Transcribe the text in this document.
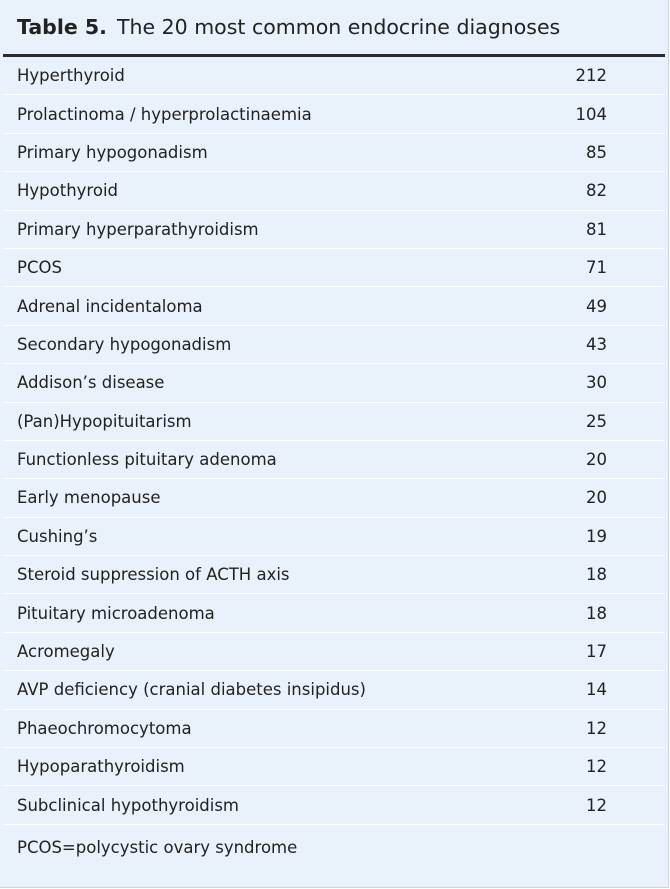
Table 5. The 20 most common endocrine diagnoses
Hyperthyroid	212
Prolactinoma / hyperprolactinaemia	104
Primary hypogonadism	85
Hypothyroid	82
Primary hyperparathyroidism	81
PCOS	71
Adrenal incidentaloma	49
Secondary hypogonadism	43
Addison’s disease	30
(Pan)Hypopituitarism	25
Functionless pituitary adenoma	20
Early menopause	20
Cushing’s	19
Steroid suppression of ACTH axis	18
Pituitary microadenoma	18
Acromegaly	17
AVP deficiency (cranial diabetes insipidus)	14
Phaeochromocytoma	12
Hypoparathyroidism	12
Subclinical hypothyroidism	12
PCOS=polycystic ovary syndrome
